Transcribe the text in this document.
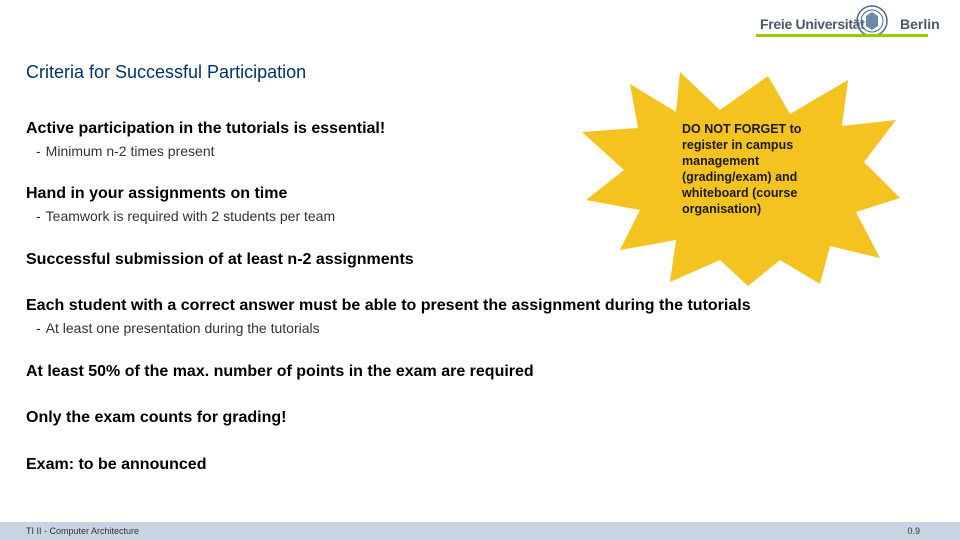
Freie Universität	Berlin
Criteria for Successful Participation
Active participation in the tutorials is essential!
- Minimum n-2 times present
Hand in your assignments on time
- Teamwork is required with 2 students per team
Successful submission of at least n-2 assignments
Each student with a correct answer must be able to present the assignment during the tutorials
- At least one presentation during the tutorials
At least 50% of the max. number of points in the exam are required
Only the exam counts for grading!
Exam: to be announced
DO NOT FORGET to register in campus management (grading/exam) and whiteboard (course organisation)
TI II - Computer Architecture	0.9
